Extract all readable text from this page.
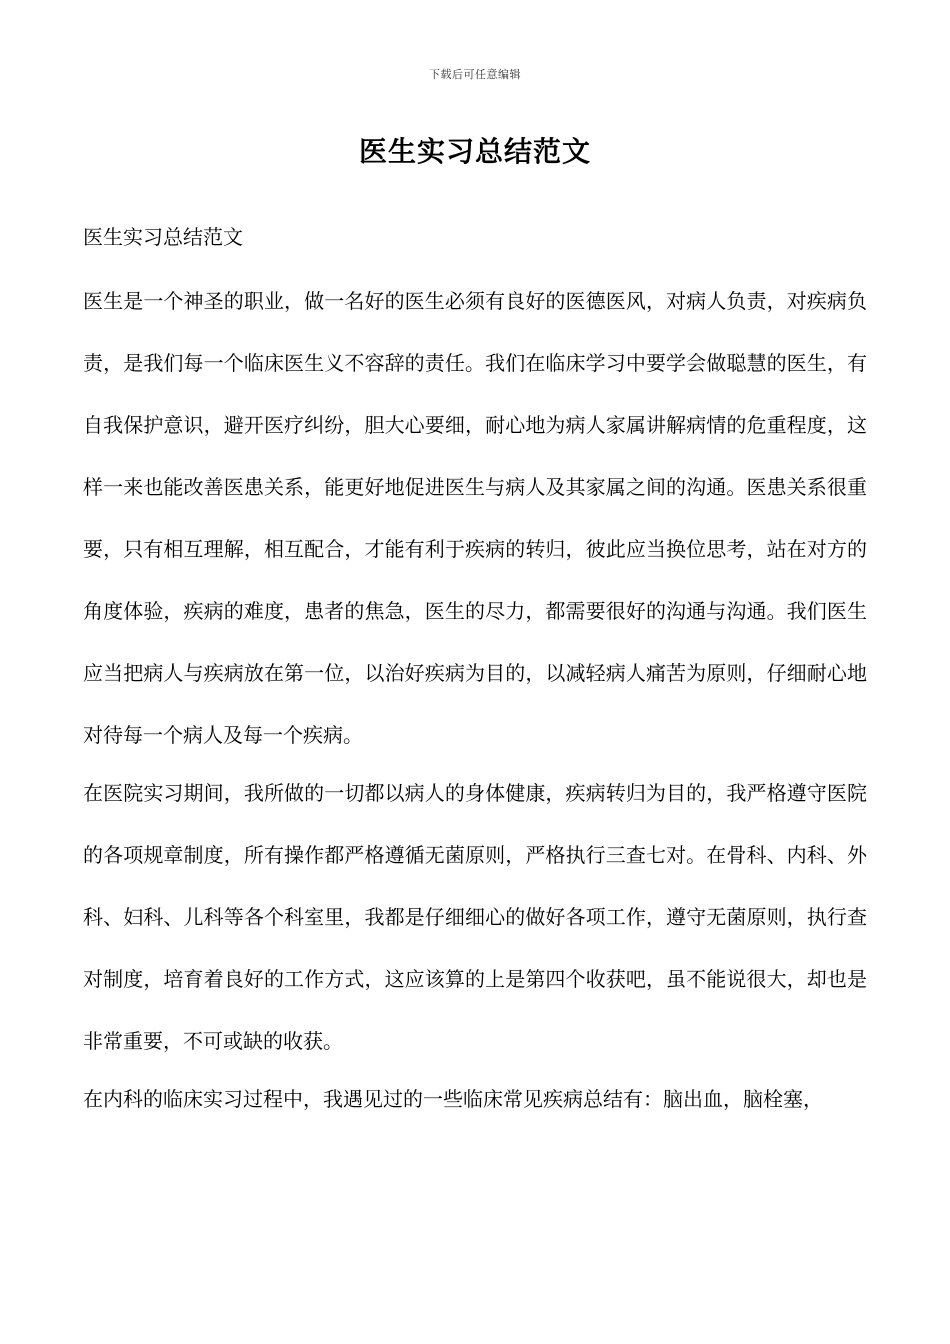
下载后可任意编辑
医生实习总结范文

医生实习总结范文

医生是一个神圣的职业，做一名好的医生必须有良好的医德医风，对病人负责，对疾病负责，是我们每一个临床医生义不容辞的责任。我们在临床学习中要学会做聪慧的医生，有自我保护意识，避开医疗纠纷，胆大心要细，耐心地为病人家属讲解病情的危重程度，这样一来也能改善医患关系，能更好地促进医生与病人及其家属之间的沟通。医患关系很重要，只有相互理解，相互配合，才能有利于疾病的转归，彼此应当换位思考，站在对方的角度体验，疾病的难度，患者的焦急，医生的尽力，都需要很好的沟通与沟通。我们医生应当把病人与疾病放在第一位，以治好疾病为目的，以减轻病人痛苦为原则，仔细耐心地对待每一个病人及每一个疾病。

在医院实习期间，我所做的一切都以病人的身体健康，疾病转归为目的，我严格遵守医院的各项规章制度，所有操作都严格遵循无菌原则，严格执行三查七对。在骨科、内科、外科、妇科、儿科等各个科室里，我都是仔细细心的做好各项工作，遵守无菌原则，执行查对制度，培育着良好的工作方式，这应该算的上是第四个收获吧，虽不能说很大，却也是非常重要，不可或缺的收获。

在内科的临床实习过程中，我遇见过的一些临床常见疾病总结有：脑出血，脑栓塞，
